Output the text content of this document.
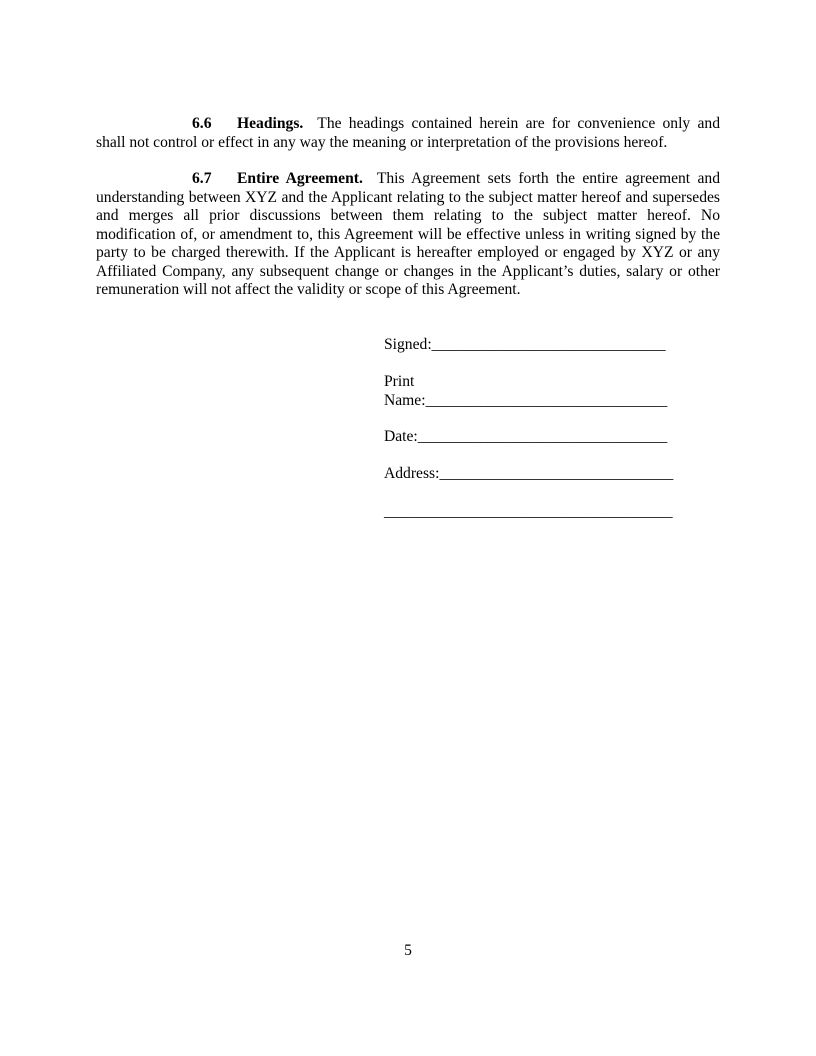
6.6 Headings. The headings contained herein are for convenience only and shall not control or effect in any way the meaning or interpretation of the provisions hereof.

6.7 Entire Agreement. This Agreement sets forth the entire agreement and understanding between XYZ and the Applicant relating to the subject matter hereof and supersedes and merges all prior discussions between them relating to the subject matter hereof. No modification of, or amendment to, this Agreement will be effective unless in writing signed by the party to be charged therewith. If the Applicant is hereafter employed or engaged by XYZ or any Affiliated Company, any subsequent change or changes in the Applicant’s duties, salary or other remuneration will not affect the validity or scope of this Agreement.

Signed:______________________________

Print
Name:_______________________________

Date:________________________________

Address:______________________________

_____________________________________

5
